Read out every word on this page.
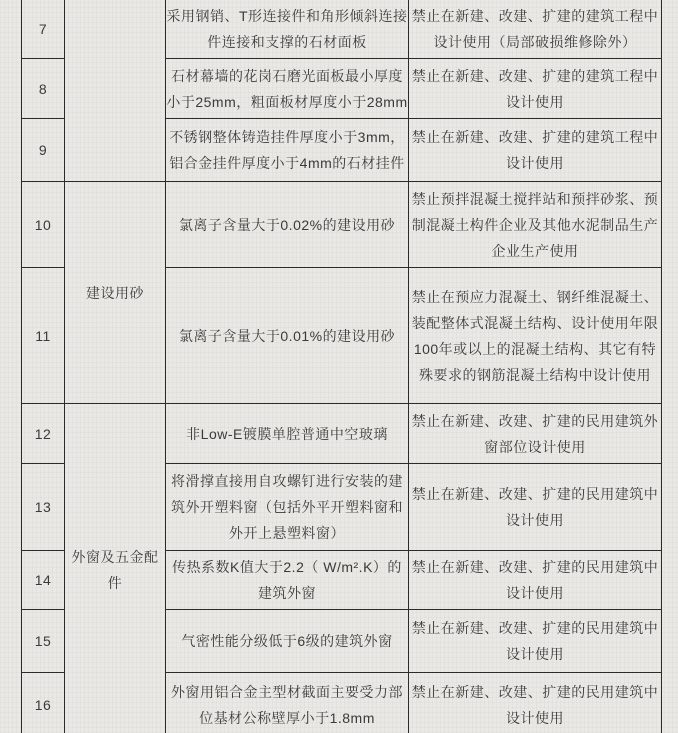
7		采用钢销、T形连接件和角形倾斜连接件连接和支撑的石材面板	禁止在新建、改建、扩建的建筑工程中设计使用（局部破损维修除外）
8		石材幕墙的花岗石磨光面板最小厚度小于25mm，粗面板材厚度小于28mm	禁止在新建、改建、扩建的建筑工程中设计使用
9		不锈钢整体铸造挂件厚度小于3mm，铝合金挂件厚度小于4mm的石材挂件	禁止在新建、改建、扩建的建筑工程中设计使用
10	建设用砂	氯离子含量大于0.02%的建设用砂	禁止预拌混凝土搅拌站和预拌砂浆、预制混凝土构件企业及其他水泥制品生产企业生产使用
11		氯离子含量大于0.01%的建设用砂	禁止在预应力混凝土、钢纤维混凝土、装配整体式混凝土结构、设计使用年限100年或以上的混凝土结构、其它有特殊要求的钢筋混凝土结构中设计使用
12	外窗及五金配件	非Low-E镀膜单腔普通中空玻璃	禁止在新建、改建、扩建的民用建筑外窗部位设计使用
13		将滑撑直接用自攻螺钉进行安装的建筑外开塑料窗（包括外平开塑料窗和外开上悬塑料窗）	禁止在新建、改建、扩建的民用建筑中设计使用
14		传热系数K值大于2.2（ W/m².K）的建筑外窗	禁止在新建、改建、扩建的民用建筑中设计使用
15		气密性能分级低于6级的建筑外窗	禁止在新建、改建、扩建的民用建筑中设计使用
16		外窗用铝合金主型材截面主要受力部位基材公称壁厚小于1.8mm	禁止在新建、改建、扩建的民用建筑中设计使用
